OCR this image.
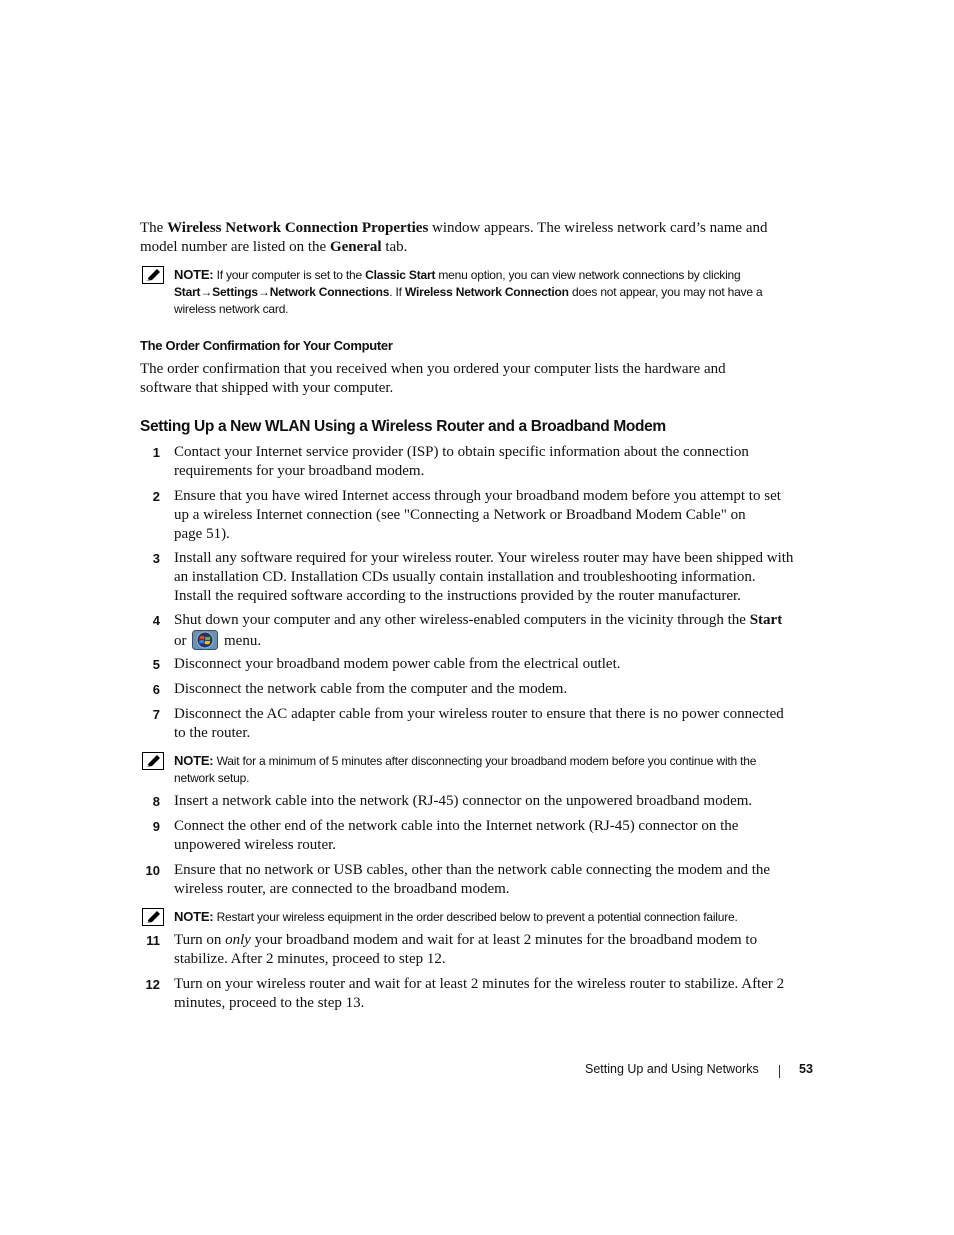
The Wireless Network Connection Properties window appears. The wireless network card’s name and
model number are listed on the General tab.
NOTE: If your computer is set to the Classic Start menu option, you can view network connections by clicking
Start→Settings→Network Connections. If Wireless Network Connection does not appear, you may not have a
wireless network card.
The Order Confirmation for Your Computer
The order confirmation that you received when you ordered your computer lists the hardware and
software that shipped with your computer.
Setting Up a New WLAN Using a Wireless Router and a Broadband Modem
1 Contact your Internet service provider (ISP) to obtain specific information about the connection
requirements for your broadband modem.
2 Ensure that you have wired Internet access through your broadband modem before you attempt to set
up a wireless Internet connection (see "Connecting a Network or Broadband Modem Cable" on
page 51).
3 Install any software required for your wireless router. Your wireless router may have been shipped with
an installation CD. Installation CDs usually contain installation and troubleshooting information.
Install the required software according to the instructions provided by the router manufacturer.
4 Shut down your computer and any other wireless-enabled computers in the vicinity through the Start
or	menu.
5 Disconnect your broadband modem power cable from the electrical outlet.
6 Disconnect the network cable from the computer and the modem.
7 Disconnect the AC adapter cable from your wireless router to ensure that there is no power connected
to the router.
NOTE: Wait for a minimum of 5 minutes after disconnecting your broadband modem before you continue with the
network setup.
8 Insert a network cable into the network (RJ-45) connector on the unpowered broadband modem.
9 Connect the other end of the network cable into the Internet network (RJ-45) connector on the
unpowered wireless router.
10 Ensure that no network or USB cables, other than the network cable connecting the modem and the
wireless router, are connected to the broadband modem.
NOTE: Restart your wireless equipment in the order described below to prevent a potential connection failure.
11 Turn on only your broadband modem and wait for at least 2 minutes for the broadband modem to
stabilize. After 2 minutes, proceed to step 12.
12 Turn on your wireless router and wait for at least 2 minutes for the wireless router to stabilize. After 2
minutes, proceed to the step 13.
Setting Up and Using Networks	53
